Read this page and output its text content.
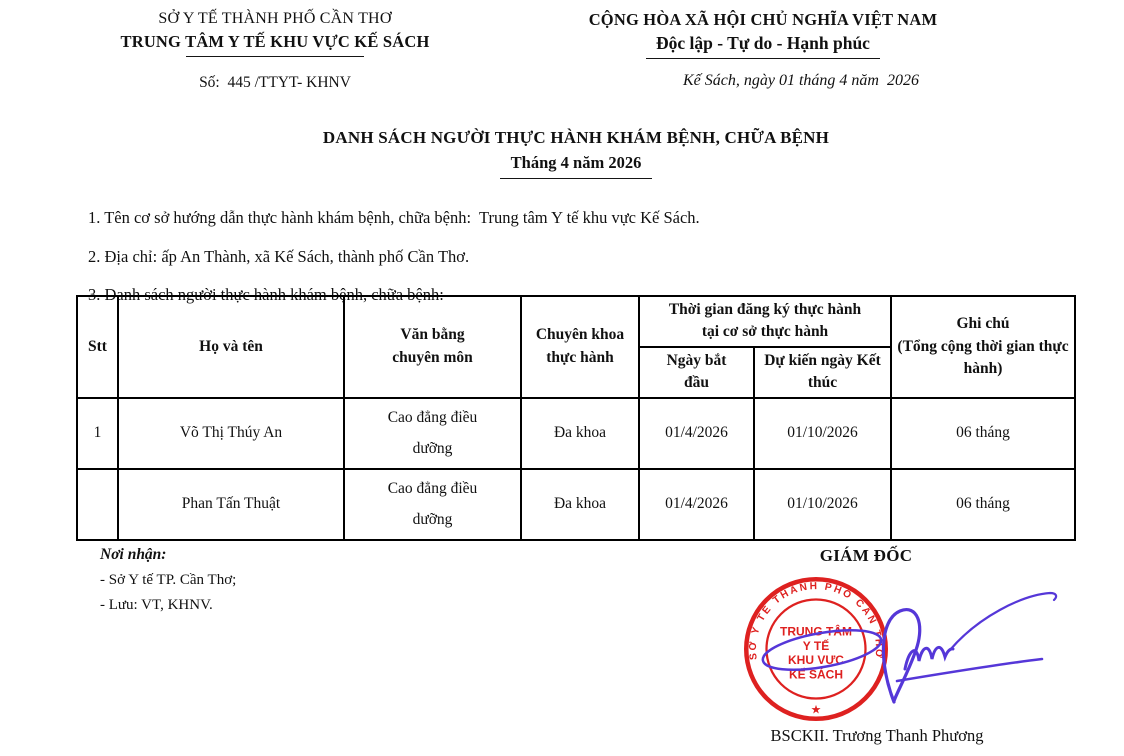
SỞ Y TẾ THÀNH PHỐ CẦN THƠ
TRUNG TÂM Y TẾ KHU VỰC KẾ SÁCH
Số:  445 /TTYT- KHNV
CỘNG HÒA XÃ HỘI CHỦ NGHĨA VIỆT NAM
Độc lập - Tự do - Hạnh phúc
Kế Sách, ngày 01 tháng 4 năm  2026
DANH SÁCH NGƯỜI THỰC HÀNH KHÁM BỆNH, CHỮA BỆNH
Tháng 4 năm 2026

1. Tên cơ sở hướng dẫn thực hành khám bệnh, chữa bệnh:  Trung tâm Y tế khu vực Kế Sách.

2. Địa chỉ: ấp An Thành, xã Kế Sách, thành phố Cần Thơ.

3. Danh sách người thực hành khám bệnh, chữa bệnh:

Stt	Họ và tên	Văn bằng chuyên môn	Chuyên khoa thực hành	Thời gian đăng ký thực hành tại cơ sở thực hành		Ghi chú
(Tổng cộng thời gian thực hành)

				Ngày bắt đầu	Dự kiến ngày Kết thúc	
1	Võ Thị Thúy An	Cao đẳng điều dưỡng	Đa khoa	01/4/2026	01/10/2026	06 tháng
	Phan Tấn Thuật	Cao đẳng điều dưỡng	Đa khoa	01/4/2026	01/10/2026	06 tháng
Nơi nhận:
- Sở Y tế TP. Cần Thơ;
- Lưu: VT, KHNV.
GIÁM ĐỐC
SỞ Y TẾ THÀNH PHỐ CẦN THƠ
TRUNG TÂM
Y TẾ
KHU VỰC
KẾ SÁCH
★
BSCKII. Trương Thanh Phương
